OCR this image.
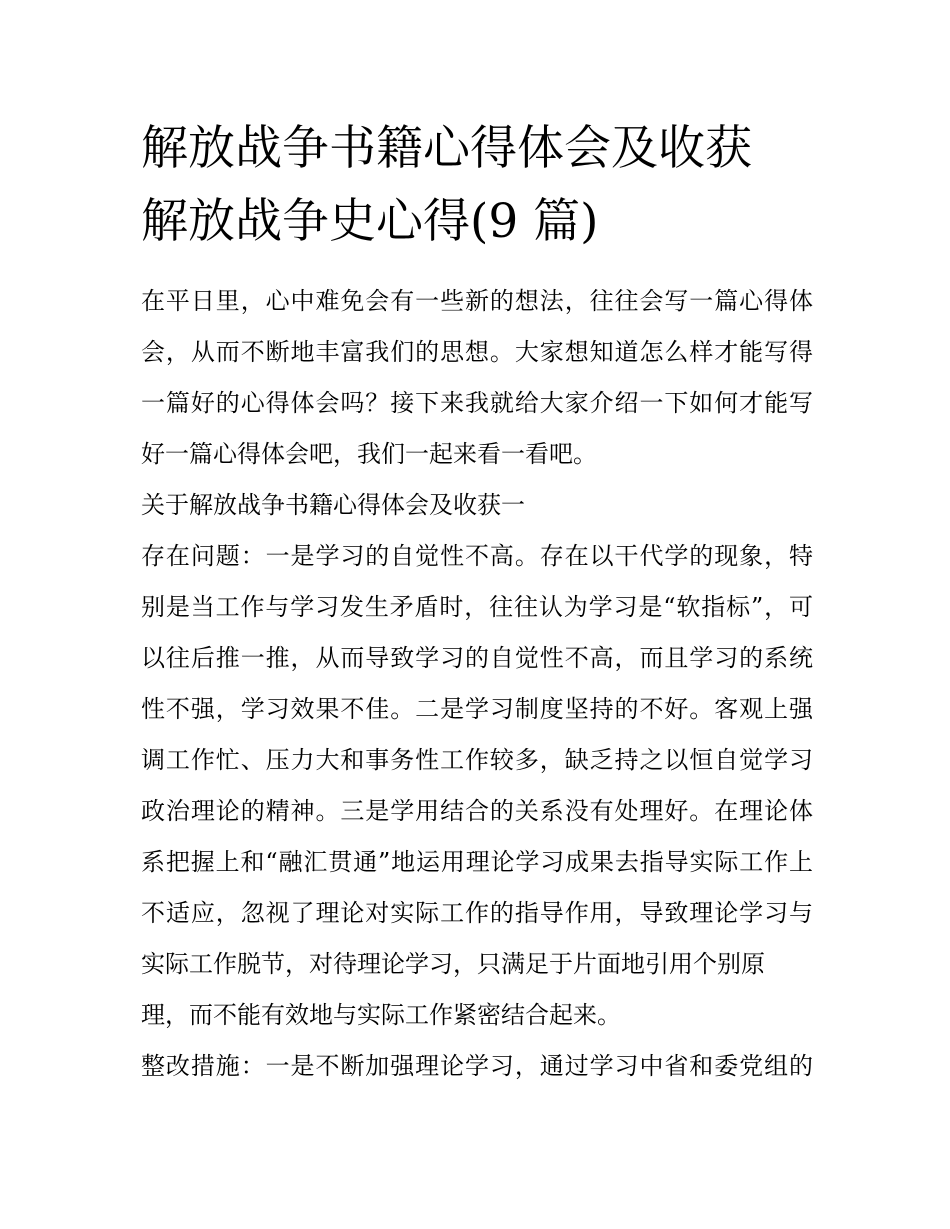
解放战争书籍心得体会及收获
解放战争史心得(9 篇)
在平日里，心中难免会有一些新的想法，往往会写一篇心得体
会，从而不断地丰富我们的思想。大家想知道怎么样才能写得
一篇好的心得体会吗？接下来我就给大家介绍一下如何才能写
好一篇心得体会吧，我们一起来看一看吧。
关于解放战争书籍心得体会及收获一
存在问题：一是学习的自觉性不高。存在以干代学的现象，特
别是当工作与学习发生矛盾时，往往认为学习是“软指标”，可
以往后推一推，从而导致学习的自觉性不高，而且学习的系统
性不强，学习效果不佳。二是学习制度坚持的不好。客观上强
调工作忙、压力大和事务性工作较多，缺乏持之以恒自觉学习
政治理论的精神。三是学用结合的关系没有处理好。在理论体
系把握上和“融汇贯通”地运用理论学习成果去指导实际工作上
不适应，忽视了理论对实际工作的指导作用，导致理论学习与
实际工作脱节，对待理论学习，只满足于片面地引用个别原
理，而不能有效地与实际工作紧密结合起来。
整改措施：一是不断加强理论学习，通过学习中省和委党组的
